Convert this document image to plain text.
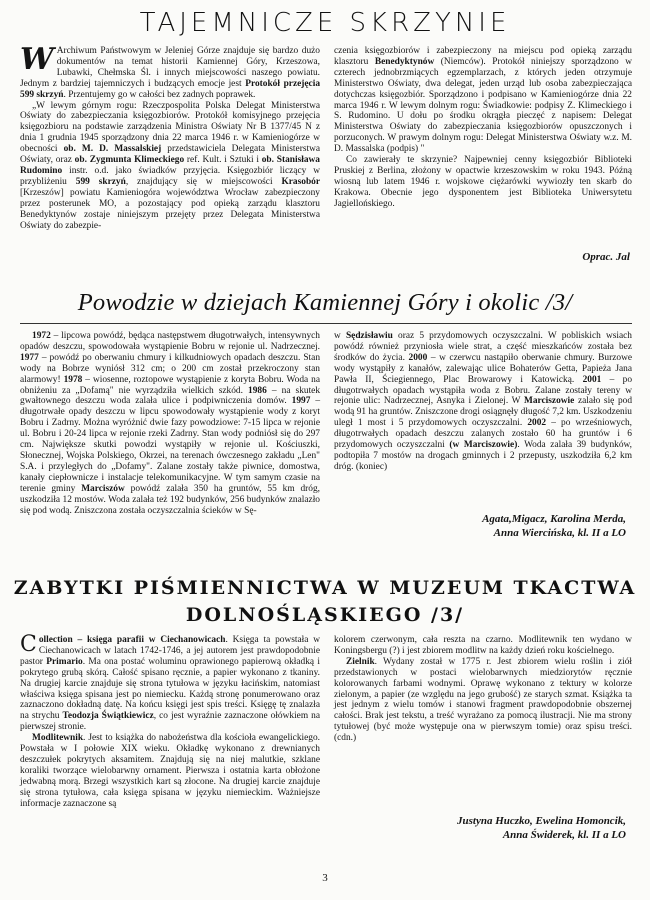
TAJEMNICZE SKRZYNIE

W Archiwum Państwowym w Jeleniej Górze znajduje się bardzo dużo dokumentów na temat historii Kamiennej Góry, Krzeszowa, Lubawki, Chełmska Śl. i innych miejscowości naszego powiatu. Jednym z bardziej tajemniczych i budzących emocje jest Protokół przejęcia 599 skrzyń. Przentujemy go w całości bez zadnych poprawek.

„W lewym górnym rogu: Rzeczpospolita Polska Delegat Ministerstwa Oświaty do zabezpieczania księgozbiorów. Protokół komisyjnego przejęcia księgozbioru na podstawie zarządzenia Ministra Oświaty Nr B 1377/45 N z dnia 1 grudnia 1945 sporządzony dnia 22 marca 1946 r. w Kamieniogórze w obecności ob. M. D. Massalskiej przedstawiciela Delegata Ministerstwa Oświaty, oraz ob. Zygmunta Klimeckiego ref. Kult. i Sztuki i ob. Stanisława Rudomino instr. o.d. jako świadków przyjęcia. Księgozbiór liczący w przybliżeniu 599 skrzyń, znajdujący się w miejscowości Krasobór [Krzeszów] powiatu Kamieniogóra województwa Wrocław zabezpieczony przez posterunek MO, a pozostający pod opieką zarządu klasztoru Benedyktynów zostaje niniejszym przejęty przez Delegata Ministerstwa Oświaty do zabezpie-

czenia księgozbiorów i zabezpieczony na miejscu pod opieką zarządu klasztoru Benedyktynów (Niemców). Protokół niniejszy sporządzono w czterech jednobrzmiących egzemplarzach, z których jeden otrzymuje Ministerstwo Oświaty, dwa delegat, jeden urząd lub osoba zabezpieczająca dotychczas księgozbiór. Sporządzono i podpisano w Kamieniogórze dnia 22 marca 1946 r. W lewym dolnym rogu: Świadkowie: podpisy Z. Klimeckiego i S. Rudomino. U dołu po środku okrągła pieczęć z napisem: Delegat Ministerstwa Oświaty do zabezpieczania księgozbiorów opuszczonych i porzuconych. W prawym dolnym rogu: Delegat Ministerstwa Oświaty w.z. M. D. Massalska (podpis) "

Co zawierały te skrzynie? Najpewniej cenny księgozbiór Biblioteki Pruskiej z Berlina, złożony w opactwie krzeszowskim w roku 1943. Późną wiosną lub latem 1946 r. wojskowe ciężarówki wywiozły ten skarb do Krakowa. Obecnie jego dysponentem jest Biblioteka Uniwersytetu Jagiellońskiego.

Oprac. Jal
Powodzie w dziejach Kamiennej Góry i okolic /3/

1972 – lipcowa powódź, będąca następstwem długotrwałych, intensywnych opadów deszczu, spowodowała wystąpienie Bobru w rejonie ul. Nadrzecznej. 1977 – powódź po oberwaniu chmury i kilkudniowych opadach deszczu. Stan wody na Bobrze wyniósł 312 cm; o 200 cm został przekroczony stan alarmowy! 1978 – wiosenne, roztopowe wystąpienie z koryta Bobru. Woda na obniżeniu za „Dofamą" nie wyrządziła wielkich szkód. 1986 – na skutek gwałtownego deszczu woda zalała ulice i podpiwniczenia domów. 1997 – długotrwałe opady deszczu w lipcu spowodowały wystąpienie wody z koryt Bobru i Zadrny. Można wyróżnić dwie fazy powodziowe: 7-15 lipca w rejonie ul. Bobru i 20-24 lipca w rejonie rzeki Zadrny. Stan wody podniósł się do 297 cm. Największe skutki powodzi wystąpiły w rejonie ul. Kościuszki, Słonecznej, Wojska Polskiego, Okrzei, na terenach ówczesnego zakładu „Len" S.A. i przyległych do „Dofamy". Zalane zostały także piwnice, domostwa, kanały ciepłownicze i instalacje telekomunikacyjne. W tym samym czasie na terenie gminy Marciszów powódź zalała 350 ha gruntów, 55 km dróg, uszkodziła 12 mostów. Woda zalała też 192 budynków, 256 budynków znalazło się pod wodą. Zniszczona została oczyszczalnia ścieków w Sę-

w Sędzisławiu oraz 5 przydomowych oczyszczalni. W pobliskich wsiach powódź również przyniosła wiele strat, a część mieszkańców została bez środków do życia. 2000 – w czerwcu nastąpiło oberwanie chmury. Burzowe wody wystąpiły z kanałów, zalewając ulice Bohaterów Getta, Papieża Jana Pawła II, Ściegiennego, Plac Browarowy i Katowicką. 2001 – po długotrwałych opadach wystąpiła woda z Bobru. Zalane zostały tereny w rejonie ulic: Nadrzecznej, Asnyka i Zielonej. W Marciszowie zalało się pod wodą 91 ha gruntów. Zniszczone drogi osiągnęły długość 7,2 km. Uszkodzeniu uległ 1 most i 5 przydomowych oczyszczalni. 2002 – po wrześniowych, długotrwałych opadach deszczu zalanych zostało 60 ha gruntów i 6 przydomowych oczyszczalni (w Marciszowie). Woda zalała 39 budynków, podtopiła 7 mostów na drogach gminnych i 2 przepusty, uszkodziła 6,2 km dróg. (koniec)

Agata,Migacz, Karolina Merda,
Anna Wiercińska, kl. II a LO
ZABYTKI PIŚMIENNICTWA W MUZEUM TKACTWA
DOLNOŚLĄSKIEGO /3/

Collection – księga parafii w Ciechanowicach. Księga ta powstała w Ciechanowicach w latach 1742-1746, a jej autorem jest prawdopodobnie pastor Primario. Ma ona postać woluminu oprawionego papierową okładką i pokrytego grubą skórą. Całość spisano ręcznie, a papier wykonano z tkaniny. Na drugiej karcie znajduje się strona tytułowa w języku łacińskim, natomiast właściwa księga spisana jest po niemiecku. Każdą stronę ponumerowano oraz zaznaczono dokładną datę. Na końcu księgi jest spis treści. Księgę tę znalazła na strychu Teodozja Świątkiewicz, co jest wyraźnie zaznaczone ołówkiem na pierwszej stronie.

Modlitewnik. Jest to książka do nabożeństwa dla kościoła ewangelickiego. Powstała w I połowie XIX wieku. Okładkę wykonano z drewnianych deszczułek pokrytych aksamitem. Znajdują się na niej malutkie, szklane koraliki tworzące wielobarwny ornament. Pierwsza i ostatnia karta obłożone jedwabną morą. Brzegi wszystkich kart są złocone. Na drugiej karcie znajduje się strona tytułowa, cała księga spisana w języku niemieckim. Ważniejsze informacje zaznaczone są

kolorem czerwonym, cała reszta na czarno. Modlitewnik ten wydano w Koningsbergu (?) i jest zbiorem modlitw na każdy dzień roku kościelnego.

Zielnik. Wydany został w 1775 r. Jest zbiorem wielu roślin i ziół przedstawionych w postaci wielobarwnych miedziorytów ręcznie kolorowanych farbami wodnymi. Oprawę wykonano z tektury w kolorze zielonym, a papier (ze względu na jego grubość) ze starych szmat. Książka ta jest jednym z wielu tomów i stanowi fragment prawdopodobnie obszernej całości. Brak jest tekstu, a treść wyrażano za pomocą ilustracji. Nie ma strony tytułowej (być może występuje ona w pierwszym tomie) oraz spisu treści. (cdn.)

Justyna Huczko, Ewelina Homoncik,
Anna Świderek, kl. II a LO
3
